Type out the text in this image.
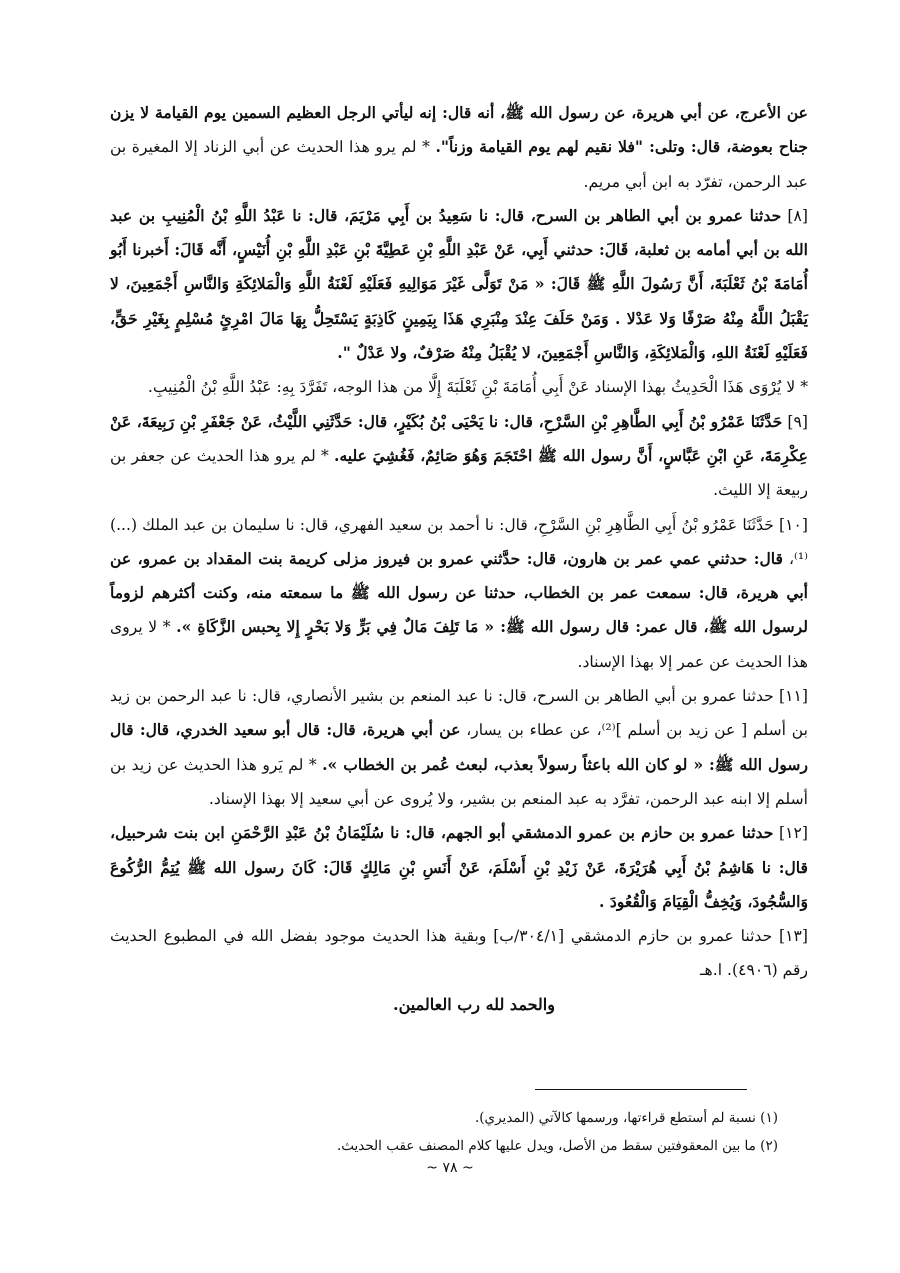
عن الأعرج، عن أبي هريرة، عن رسول الله ﷺ، أنه قال: إنه ليأتي الرجل العظيم السمين يوم القيامة لا يزن جناح بعوضة، قال: وتلى: "فلا نقيم لهم يوم القيامة وزناً". * لم يرو هذا الحديث عن أبي الزناد إلا المغيرة بن عبد الرحمن، تفرّد به ابن أبي مريم.

[٨] حدثنا عمرو بن أبي الطاهر بن السرح، قال: نا سَعِيدُ بن أَبِي مَرْيَمَ، قال: نا عَبْدُ اللَّهِ بْنُ الْمُنِيبِ بن عبد الله بن أبي أمامه بن ثعلبة، قَالَ: حدثني أَبِي، عَنْ عَبْدِ اللَّهِ بْنِ عَطِيَّةَ بْنِ عَبْدِ اللَّهِ بْنِ أُنَيْسٍ، أَنَّه قَالَ: أَخبرنا أَبُو أُمَامَةَ بْنُ ثَعْلَبَةَ، أَنَّ رَسُولَ اللَّهِ ﷺ قَالَ: « مَنْ تَوَلَّى غَيْرَ مَوَالِيهِ فَعَلَيْهِ لَعْنَةُ اللَّهِ وَالْمَلائِكَةِ وَالنَّاسِ أَجْمَعِينَ، لا يَقْبَلُ اللَّهُ مِنْهُ صَرْفًا وَلا عَدْلا . وَمَنْ حَلَفَ عِنْدَ مِنْبَرِي هَذَا بِيَمِينٍ كَاذِبَةٍ يَسْتَحِلُّ بِهَا مَالَ امْرِئٍ مُسْلِمٍ بِغَيْرِ حَقٍّ، فَعَلَيْهِ لَعْنَةُ اللهِ، وَالْمَلائِكَةِ، وَالنَّاسِ أَجْمَعِينَ، لا يُقْبَلُ مِنْهُ صَرْفٌ، ولا عَدْلٌ ".

* لا يُرْوَى هَذَا الْحَدِيثُ بهذا الإسناد عَنْ أَبِي أُمَامَةَ بْنِ ثَعْلَبَةَ إِلَّا من هذا الوجه، تَفَرَّدَ بِهِ: عَبْدُ اللَّهِ بْنُ الْمُنِيبِ.

[٩] حَدَّثَنَا عَمْرُو بْنُ أَبِي الطَّاهِرِ بْنِ السَّرْحِ، قال: نا يَحْيَى بْنُ بُكَيْرٍ، قال: حَدَّثَنِي اللَّيْثُ، عَنْ جَعْفَرِ بْنِ رَبِيعَةَ، عَنْ عِكْرِمَةَ، عَنِ ابْنِ عَبَّاسٍ، أَنَّ رسول الله ﷺ احْتَجَمَ وَهُوَ صَائِمٌ، فَغُشِيَ عليه. * لم يرو هذا الحديث عن جعفر بن ربيعة إلا الليث.

[١٠] حَدَّثَنَا عَمْرُو بْنُ أَبِي الطَّاهِرِ بْنِ السَّرْحِ، قال: نا أحمد بن سعيد الفهري، قال: نا سليمان بن عبد الملك (...)⁽¹⁾، قال: حدثني عمي عمر بن هارون، قال: حدَّثني عمرو بن فيروز مزلى كريمة بنت المقداد بن عمرو، عن أبي هريرة، قال: سمعت عمر بن الخطاب، حدثنا عن رسول الله ﷺ ما سمعته منه، وكنت أكثرهم لزوماً لرسول الله ﷺ، قال عمر: قال رسول الله ﷺ: « مَا تَلِفَ مَالٌ فِي بَرٍّ وَلا بَحْرٍ إِلا بِحبس الزَّكَاةِ ». * لا يروى هذا الحديث عن عمر إلا بهذا الإسناد.

[١١] حدثنا عمرو بن أبي الطاهر بن السرح، قال: نا عبد المنعم بن بشير الأنصاري، قال: نا عبد الرحمن بن زيد بن أسلم [ عن زيد بن أسلم ]⁽²⁾، عن عطاء بن يسار، عن أبي هريرة، قال: قال أبو سعيد الخدري، قال: قال رسول الله ﷺ: « لو كان الله باعثاً رسولاً بعذب، لبعث عُمر بن الخطاب ». * لم يَرو هذا الحديث عن زيد بن أسلم إلا ابنه عبد الرحمن، تفرَّد به عبد المنعم بن بشير، ولا يُروى عن أبي سعيد إلا بهذا الإسناد.

[١٢] حدثنا عمرو بن حازم بن عمرو الدمشقي أبو الجهم، قال: نا سُلَيْمَانُ بْنُ عَبْدِ الرَّحْمَنِ ابن بنت شرحبيل، قال: نا هَاشِمُ بْنُ أَبِي هُرَيْرَةَ، عَنْ زَيْدِ بْنِ أَسْلَمَ، عَنْ أَنَسِ بْنِ مَالِكٍ قَالَ: كَانَ رسول الله ﷺ يُتِمُّ الرُّكُوعَ وَالسُّجُودَ، وَيُخِفُّ الْقِيَامَ وَالْقُعُودَ .

[١٣] حدثنا عمرو بن حازم الدمشقي [٣٠٤/١/ب] وبقية هذا الحديث موجود بفضل الله في المطبوع الحديث رقم (٤٩٠٦). ا.هـ

والحمد لله رب العالمين.

(١) نسبة لم أستطع قراءتها، ورسمها كالآتي (المديري).

(٢) ما بين المعقوفتين سقط من الأصل، ويدل عليها كلام المصنف عقب الحديث.

~ ٧٨ ~
